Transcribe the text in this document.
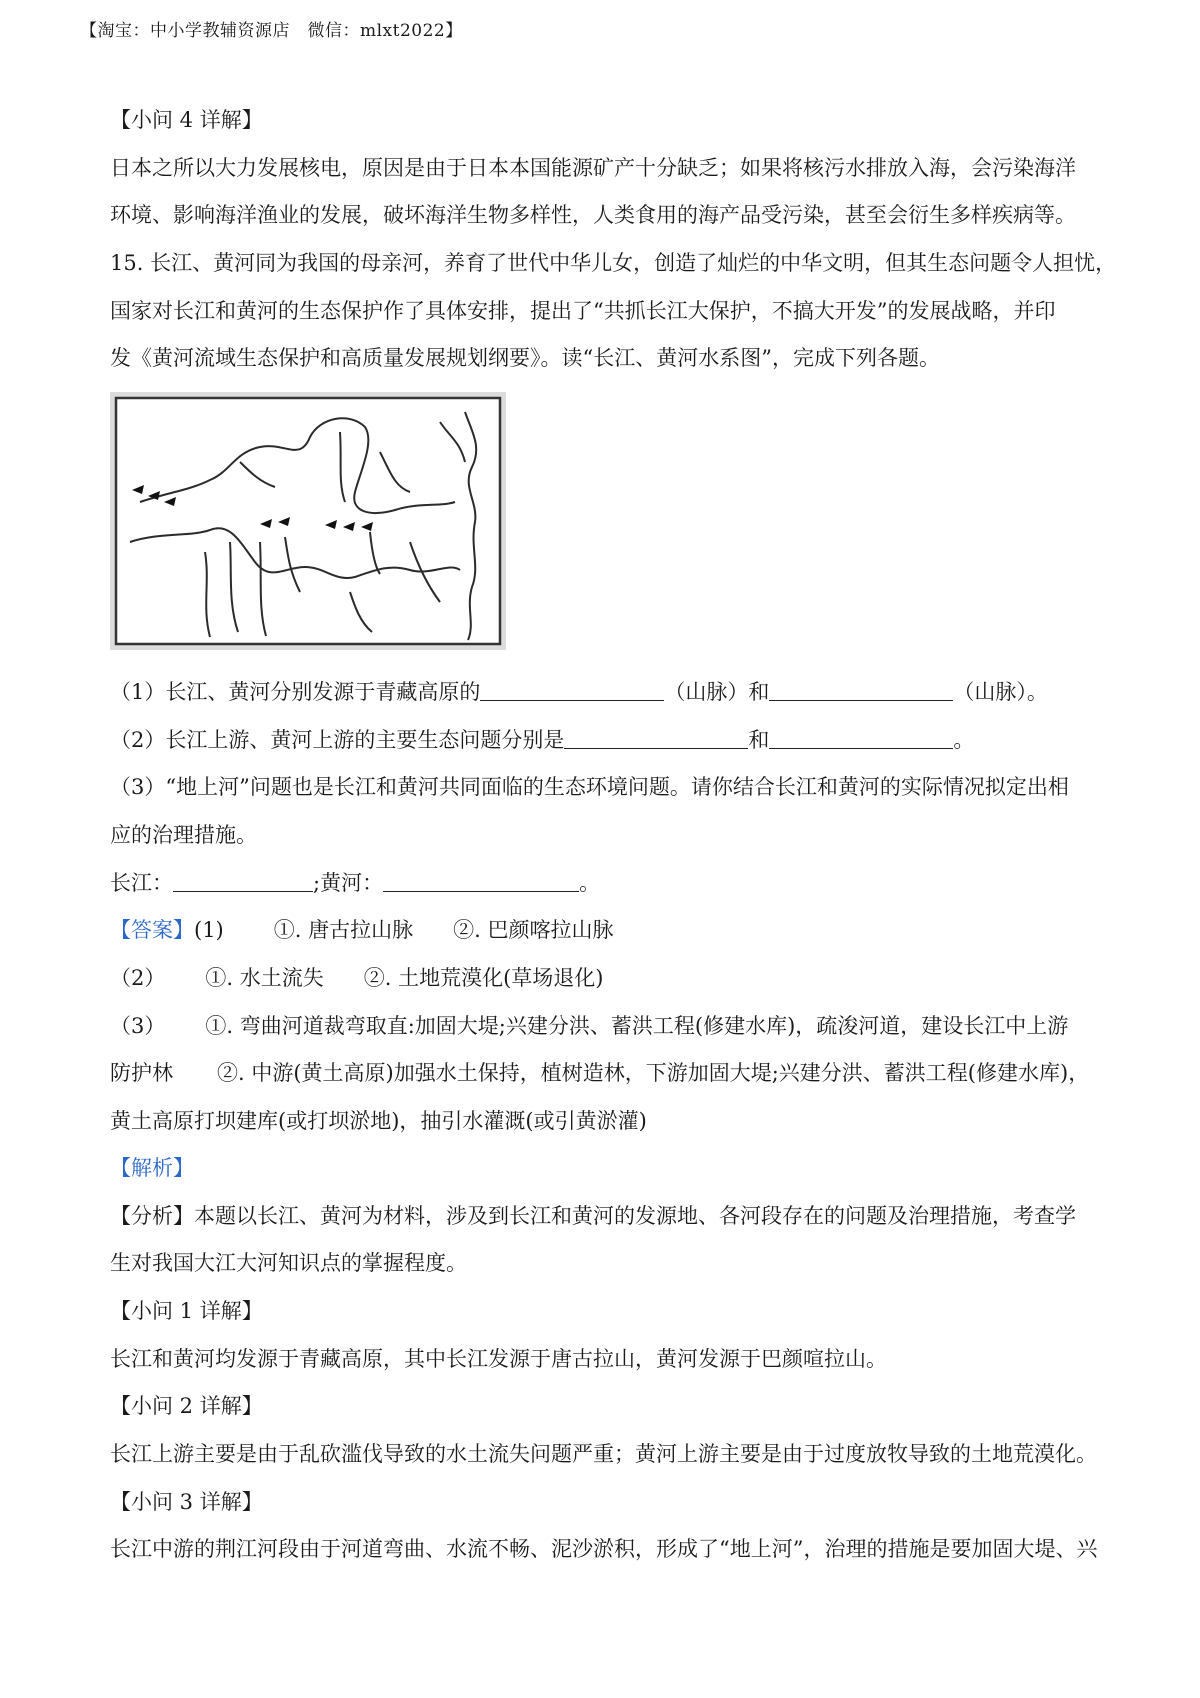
【淘宝：中小学教辅资源店　微信：mlxt2022】
【小问 4 详解】
日本之所以大力发展核电，原因是由于日本本国能源矿产十分缺乏；如果将核污水排放入海，会污染海洋
环境、影响海洋渔业的发展，破坏海洋生物多样性，人类食用的海产品受污染，甚至会衍生多样疾病等。
15. 长江、黄河同为我国的母亲河，养育了世代中华儿女，创造了灿烂的中华文明，但其生态问题令人担忧，
国家对长江和黄河的生态保护作了具体安排，提出了“共抓长江大保护，不搞大开发”的发展战略，并印
发《黄河流域生态保护和高质量发展规划纲要》。读“长江、黄河水系图”，完成下列各题。
（1）长江、黄河分别发源于青藏高原的	（山脉）和	（山脉）。
（2）长江上游、黄河上游的主要生态问题分别是	和	。
（3）“地上河”问题也是长江和黄河共同面临的生态环境问题。请你结合长江和黄河的实际情况拟定出相
应的治理措施。
长江：	;黄河：	。
【答案】(1) ①. 唐古拉山脉 ②. 巴颜喀拉山脉
（2） ①. 水土流失 ②. 土地荒漠化(草场退化)
（3） ①. 弯曲河道裁弯取直:加固大堤;兴建分洪、蓄洪工程(修建水库)，疏浚河道，建设长江中上游
防护林 ②. 中游(黄土高原)加强水土保持，植树造林，下游加固大堤;兴建分洪、蓄洪工程(修建水库)，
黄土高原打坝建库(或打坝淤地)，抽引水灌溉(或引黄淤灌)
【解析】
【分析】本题以长江、黄河为材料，涉及到长江和黄河的发源地、各河段存在的问题及治理措施，考查学
生对我国大江大河知识点的掌握程度。
【小问 1 详解】
长江和黄河均发源于青藏高原，其中长江发源于唐古拉山，黄河发源于巴颜喧拉山。
【小问 2 详解】
长江上游主要是由于乱砍滥伐导致的水土流失问题严重；黄河上游主要是由于过度放牧导致的土地荒漠化。
【小问 3 详解】
长江中游的荆江河段由于河道弯曲、水流不畅、泥沙淤积，形成了“地上河”，治理的措施是要加固大堤、兴
